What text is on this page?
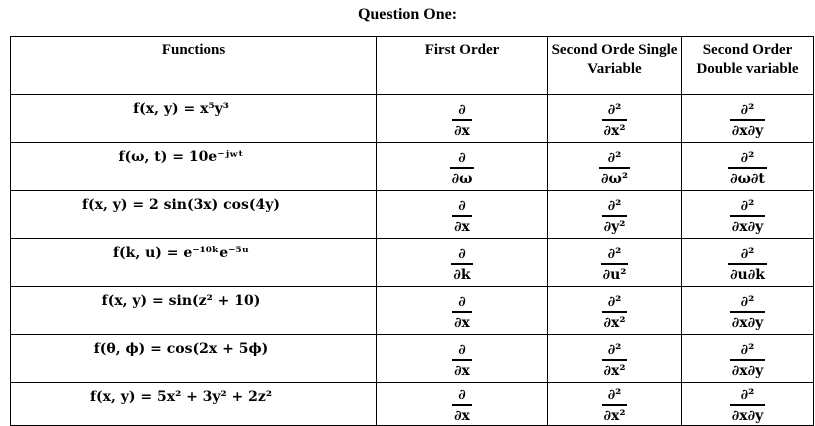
Question One:
Functions	First Order	Second Orde Single Variable	Second Order Double variable

f(x, y) = x⁵y³	$\frac{\partial}{\partial x}$	$\frac{\text{∂²}}{\text{∂x²}}$	$\frac{\text{∂²}}{\partial x\partial y}$

f(ω, t) = 10e⁻ʲʷᵗ	$\frac{\partial}{\partial\omega}$	$\frac{\text{∂²}}{\text{∂ω²}}$	$\frac{\text{∂²}}{\partial\omega\partial t}$

f(x, y) = 2 sin(3x) cos(4y)	$\frac{\partial}{\partial x}$	$\frac{\text{∂²}}{\text{∂y²}}$	$\frac{\text{∂²}}{\partial x\partial y}$

f(k, u) = e⁻¹⁰ᵏe⁻⁵ᵘ	$\frac{\partial}{\partial k}$	$\frac{\text{∂²}}{\text{∂u²}}$	$\frac{\text{∂²}}{\partial u\partial k}$

f(x, y) = sin(z² + 10)	$\frac{\partial}{\partial x}$	$\frac{\text{∂²}}{\text{∂x²}}$	$\frac{\text{∂²}}{\partial x\partial y}$

f(θ, ϕ) = cos(2x + 5ϕ)	$\frac{\partial}{\partial x}$	$\frac{\text{∂²}}{\text{∂x²}}$	$\frac{\text{∂²}}{\partial x\partial y}$

f(x, y) = 5x² + 3y² + 2z²	$\frac{\partial}{\partial x}$	$\frac{\text{∂²}}{\text{∂x²}}$	$\frac{\text{∂²}}{\partial x\partial y}$
